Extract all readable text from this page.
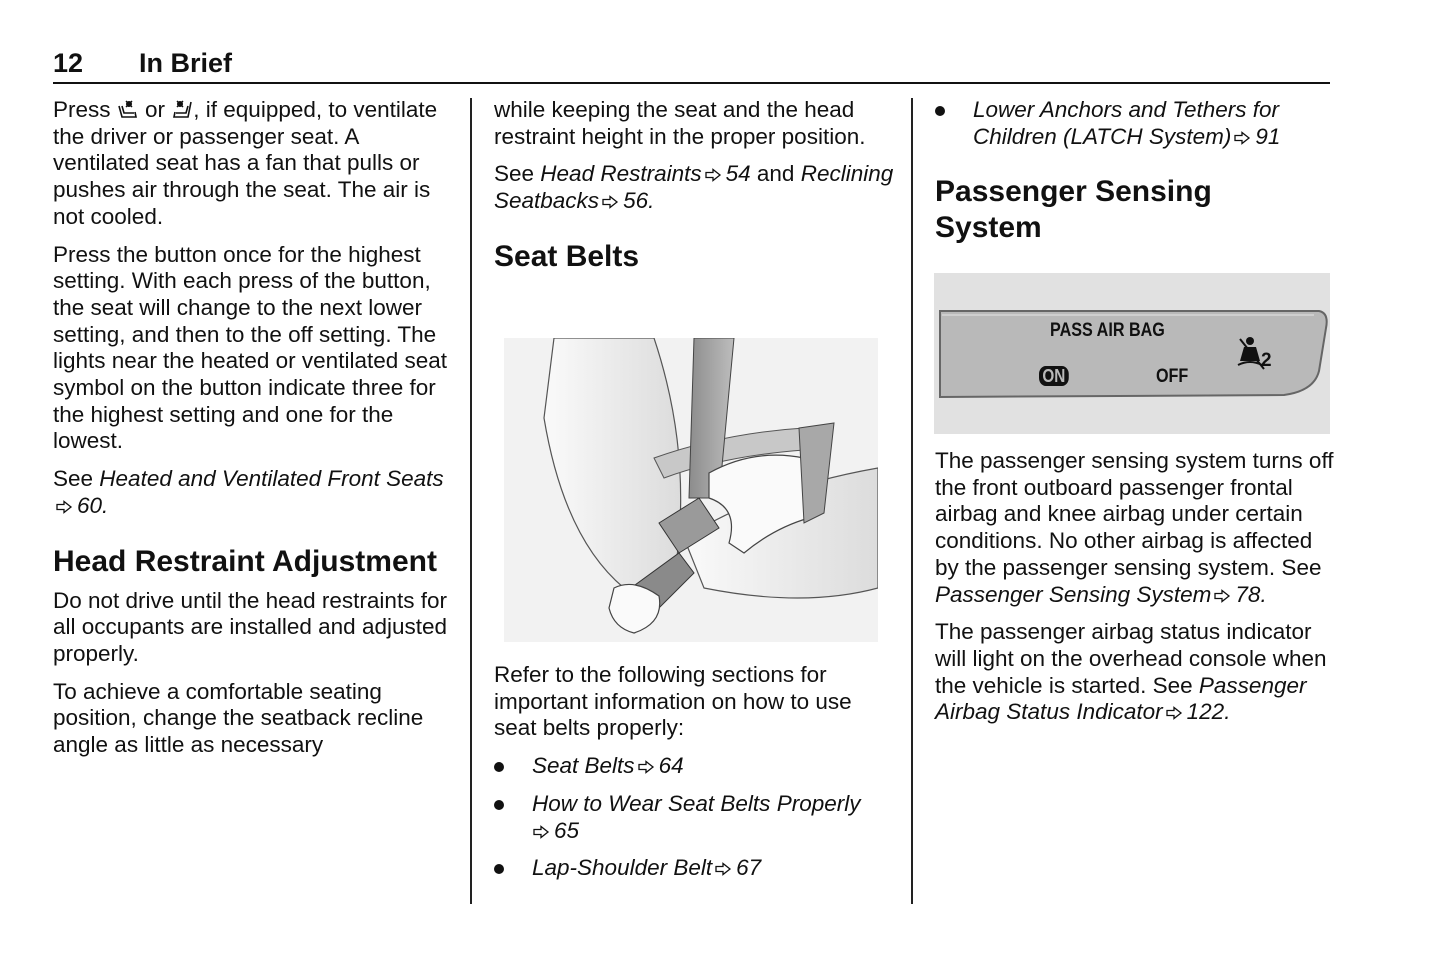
12 In Brief

Press  or , if equipped, to ventilate the driver or passenger seat. A ventilated seat has a fan that pulls or pushes air through the seat. The air is not cooled.

Press the button once for the highest setting. With each press of the button, the seat will change to the next lower setting, and then to the off setting. The lights near the heated or ventilated seat symbol on the button indicate three for the highest setting and one for the lowest.

See Heated and Ventilated Front Seats60.

Head Restraint Adjustment

Do not drive until the head restraints for all occupants are installed and adjusted properly.

To achieve a comfortable seating position, change the seatback recline angle as little as necessary

while keeping the seat and the head restraint height in the proper position.

See Head Restraints 54 and Reclining Seatbacks 56.

Seat Belts

Refer to the following sections for important information on how to use seat belts properly:

Seat Belts 64
How to Wear Seat Belts Properly
65
Lap-Shoulder Belt 67
Lower Anchors and Tethers for Children (LATCH System) 91
Passenger Sensing System
PASS AIR BAG
ON	OFF
2

The passenger sensing system turns off the front outboard passenger frontal airbag and knee airbag under certain conditions. No other airbag is affected by the passenger sensing system. See Passenger Sensing System 78.

The passenger airbag status indicator will light on the overhead console when the vehicle is started. See Passenger Airbag Status Indicator 122.
